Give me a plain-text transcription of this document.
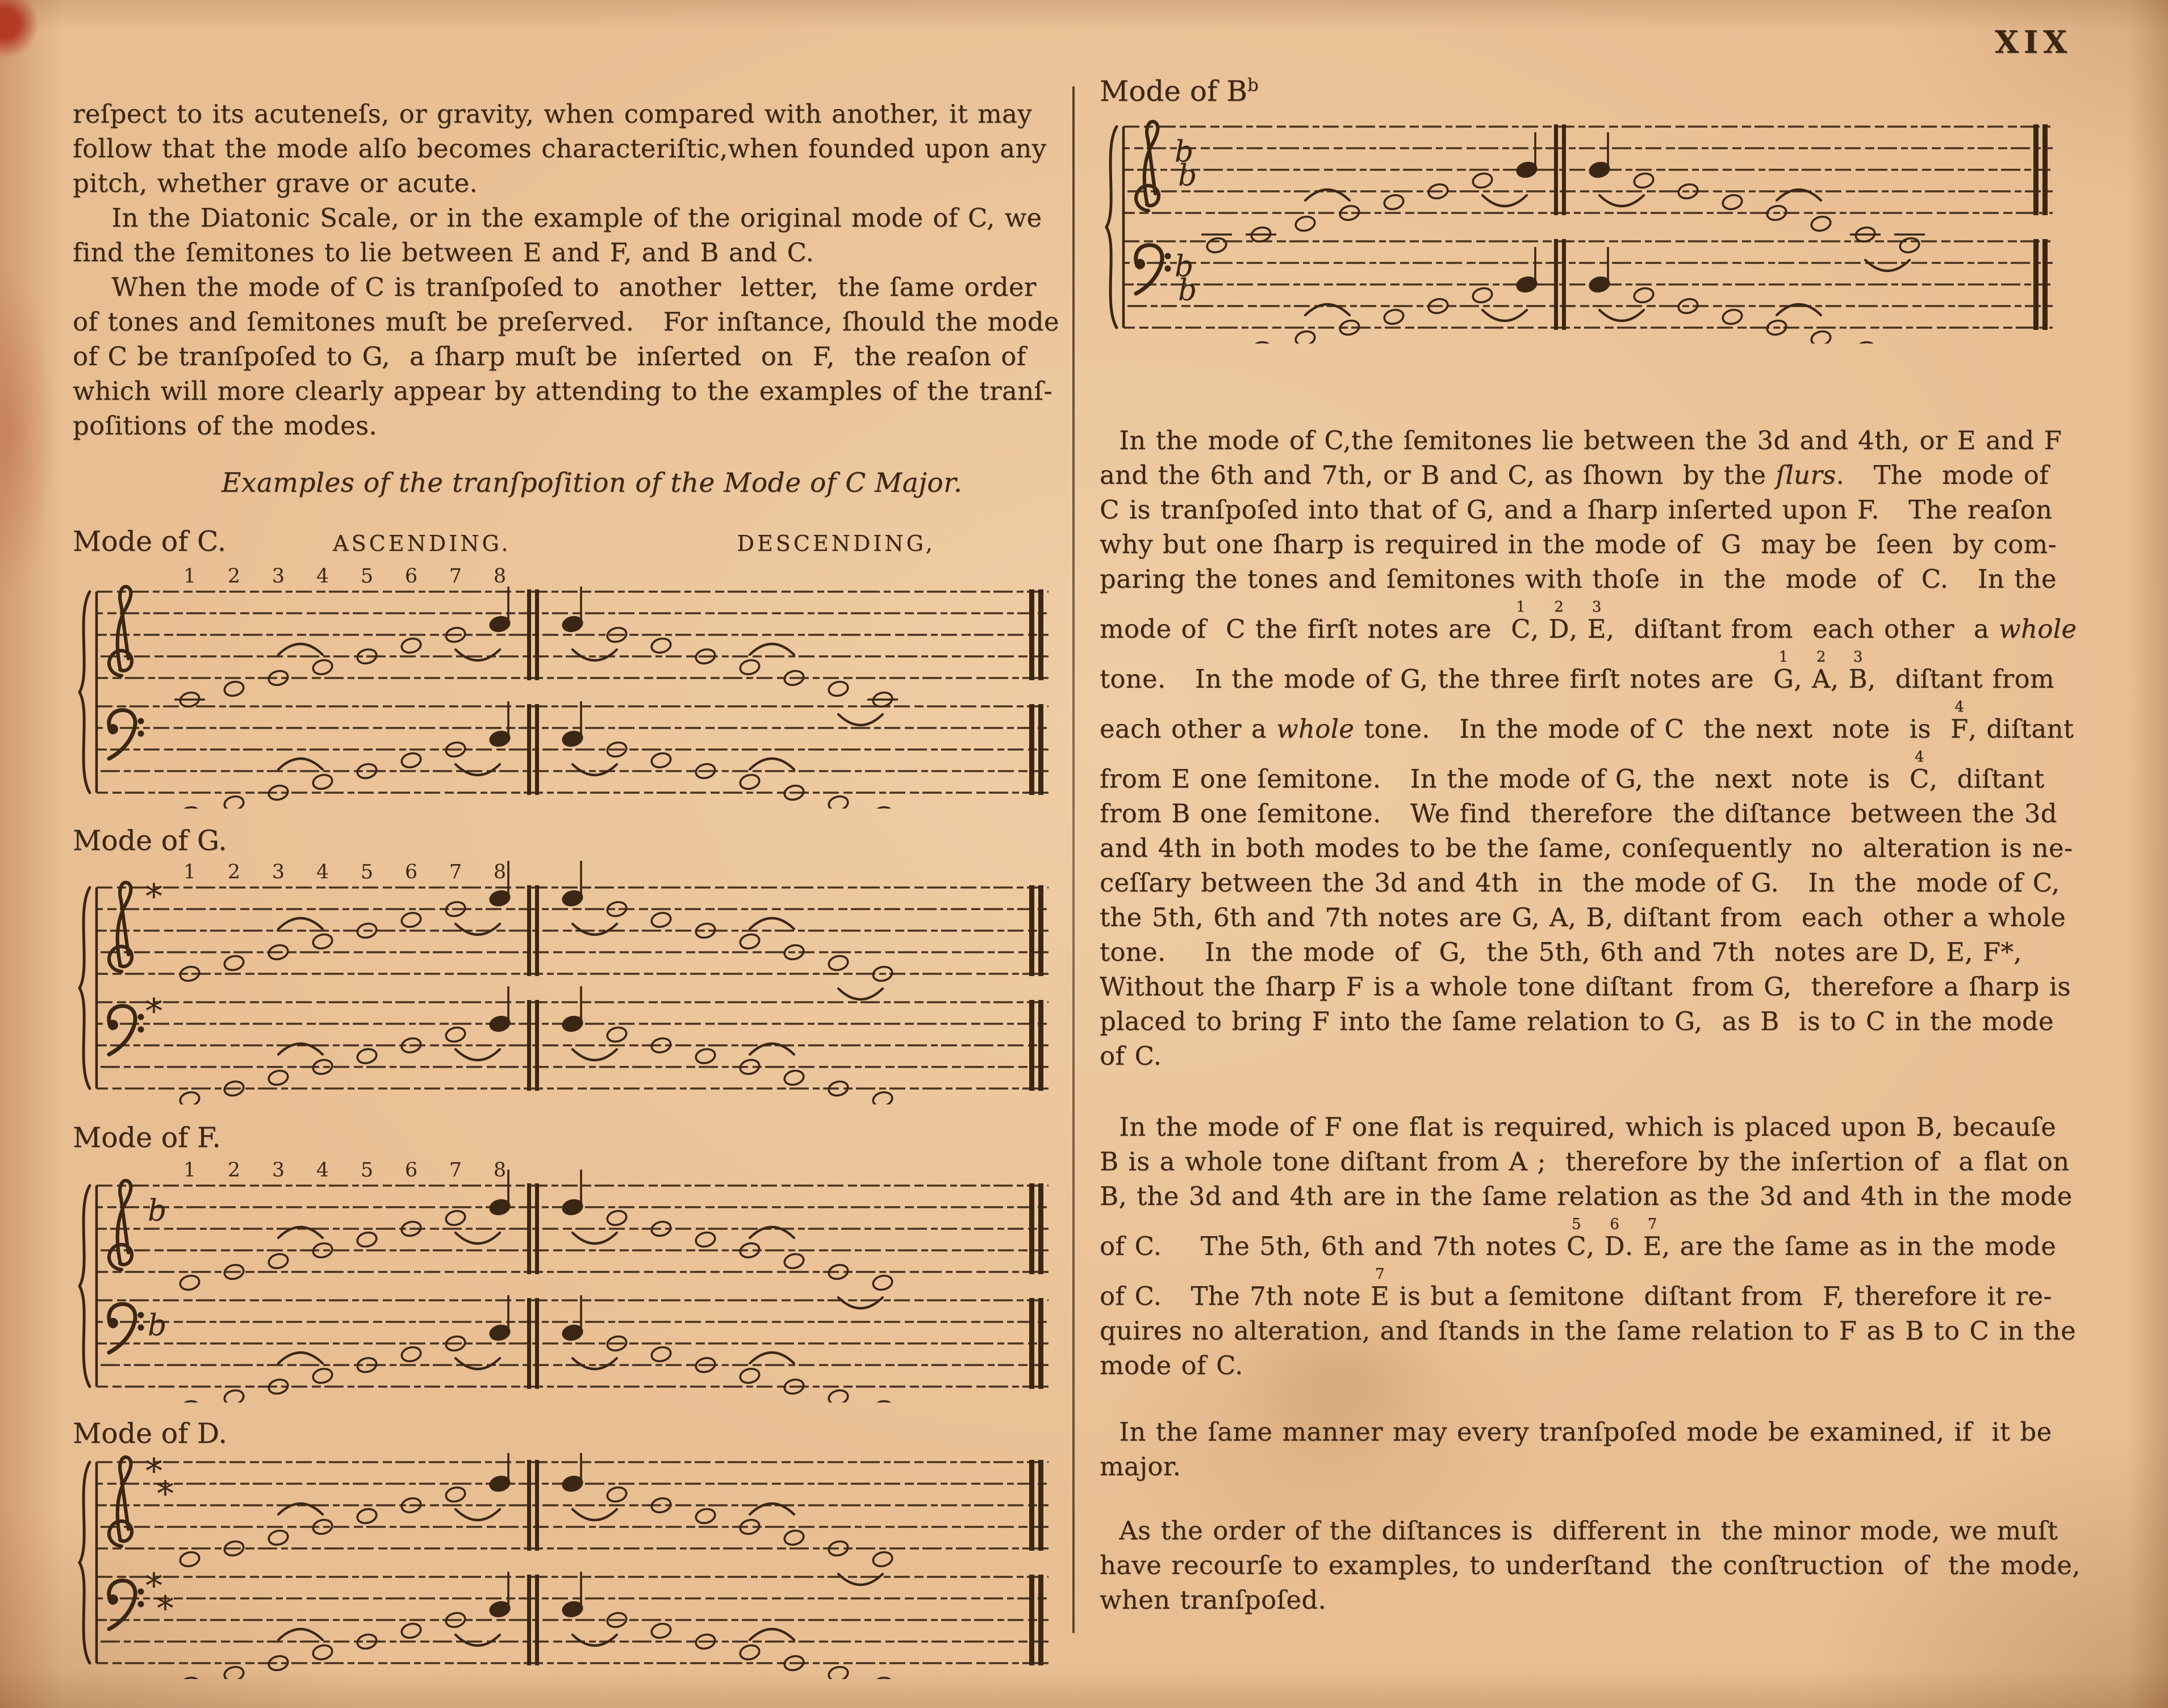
XIX
reſpect to its acuteneſs, or gravity, when compared with another, it may
follow that the mode alſo becomes characteriſtic,when founded upon any
pitch, whether grave or acute.
In the Diatonic Scale, or in the example of the original mode of C, we
find the ſemitones to lie between E and F, and B and C.
When the mode of C is tranſpoſed to  another  letter,  the ſame order
of tones and ſemitones muſt be preſerved.   For inſtance, ſhould the mode
of C be tranſpoſed to G,  a ſharp muſt be  inſerted  on  F,  the reaſon of
which will more clearly appear by attending to the examples of the tranſ-
poſitions of the modes.
Examples of the tranſpoſition of the Mode of C Major.
Mode of C.	ASCENDING.	DESCENDING,
1 2 3 4 5 6 7 8
Mode of G.
*
1 2 3 4 5 6 7 8
*
Mode of F.
b
1 2 3 4 5 6 7 8
b
Mode of D.
*
*
*
*
Mode of $B^b$
b
b
b
b
In the mode of C,the ſemitones lie between the 3d and 4th, or E and F
and the 6th and 7th, or B and C, as ſhown  by the ſlurs.   The  mode of
C is tranſpoſed into that of G, and a ſharp inſerted upon F.   The reaſon
why but one ſharp is required in the mode of  G  may be  ſeen  by com-
paring the tones and ſemitones with thoſe  in  the  mode  of  C.   In the
mode of  C the firſt notes are
1
C,
2
D,
3
E,  diſtant from  each other  a whole
tone.   In the mode of G, the three firſt notes are
1
G,
2
A,
3
B,  diſtant from
each other a whole tone.   In the mode of C  the next  note  is
4
F, diſtant
from E one ſemitone.   In the mode of G, the  next  note  is
4
C,  diſtant
from B one ſemitone.   We find  therefore  the diſtance  between the 3d
and 4th in both modes to be the ſame, conſequently  no  alteration is ne-
ceſſary between the 3d and 4th  in  the mode of G.   In  the  mode of C,
the 5th, 6th and 7th notes are G, A, B, diſtant from  each  other a whole
tone.    In  the mode  of  G,  the 5th, 6th and 7th  notes are D, E, F*,
Without the ſharp F is a whole tone diſtant  from G,  therefore a ſharp is
placed to bring F into the ſame relation to G,  as B  is to C in the mode
of C.
In the mode of F one flat is required, which is placed upon B, becauſe
B is a whole tone diſtant from A ;  therefore by the inſertion of  a flat on
B, the 3d and 4th are in the ſame relation as the 3d and 4th in the mode
of C.    The 5th, 6th and 7th notes
5
C,
6
D.
7
E, are the ſame as in the mode
of C.   The 7th note
7
E is but a ſemitone  diſtant from  F, therefore it re-
quires no alteration, and ſtands in the ſame relation to F as B to C in the
mode of C.
In the ſame manner may every tranſpoſed mode be examined, if  it be
major.
As the order of the diſtances is  different in  the minor mode, we muſt
have recourſe to examples, to underſtand  the conſtruction  of  the mode,
when tranſpoſed.
